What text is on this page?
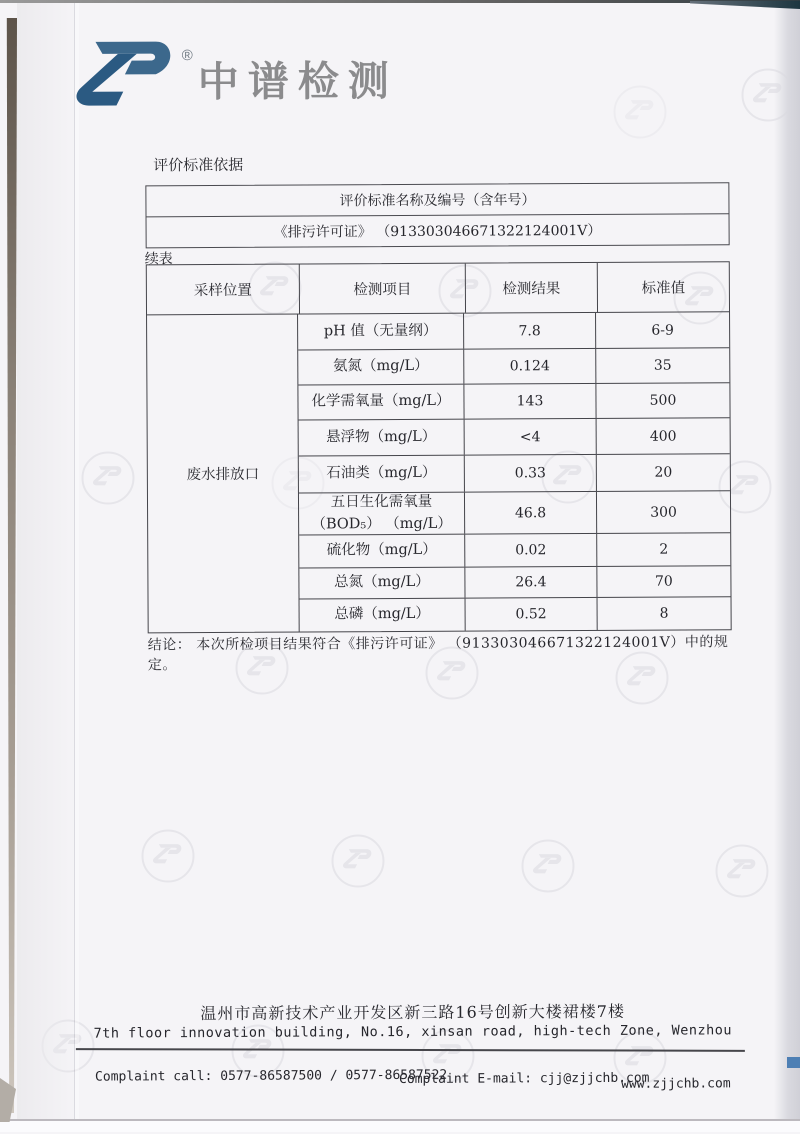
®
中谱检测
评价标准依据
评价标准名称及编号（含年号）
《排污许可证》 （913303046671322124001V）
续表
采样位置	检测项目	检测结果	标准值
废水排放口
pH 值（无量纲）	7.8	6-9
氨氮（mg/L）	0.124	35
化学需氧量（mg/L）	143	500
悬浮物（mg/L）	<4	400
石油类（mg/L）	0.33	20
五日生化需氧量
（BOD₅） （mg/L）
46.8	300
硫化物（mg/L）	0.02	2
总氮（mg/L）	26.4	70
总磷（mg/L）	0.52	8
结论： 本次所检项目结果符合《排污许可证》 （913303046671322124001V）中的规定。
温州市高新技术产业开发区新三路16号创新大楼裙楼7楼
7th floor innovation building, No.16, xinsan road, high-tech Zone, Wenzhou
Complaint call: 0577-86587500 / 0577-86587522
Complaint E-mail: cjj@zjjchb.com
www.zjjchb.com
